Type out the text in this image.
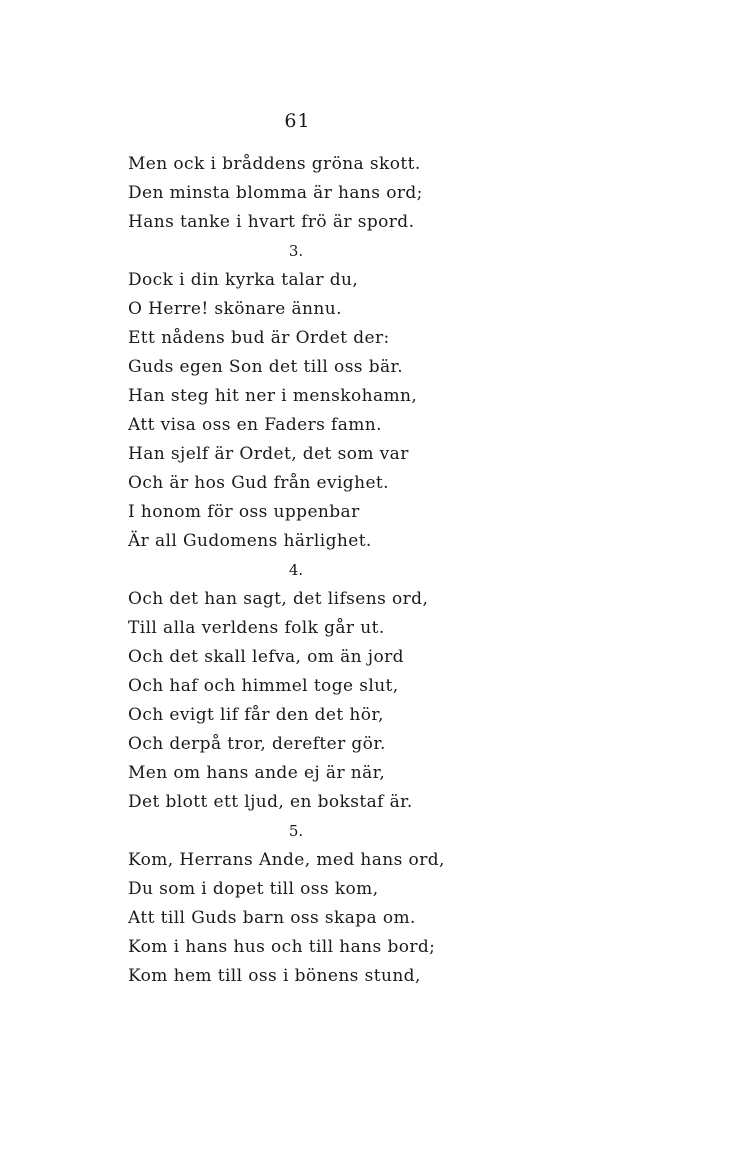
61
Men ock i bråddens gröna skott.
Den minsta blomma är hans ord;
Hans tanke i hvart frö är spord.
3.
Dock i din kyrka talar du,
O Herre! skönare ännu.
Ett nådens bud är Ordet der:
Guds egen Son det till oss bär.
Han steg hit ner i menskohamn,
Att visa oss en Faders famn.
Han sjelf är Ordet, det som var
Och är hos Gud från evighet.
I honom för oss uppenbar
Är all Gudomens härlighet.
4.
Och det han sagt, det lifsens ord,
Till alla verldens folk går ut.
Och det skall lefva, om än jord
Och haf och himmel toge slut,
Och evigt lif får den det hör,
Och derpå tror, derefter gör.
Men om hans ande ej är när,
Det blott ett ljud, en bokstaf är.
5.
Kom, Herrans Ande, med hans ord,
Du som i dopet till oss kom,
Att till Guds barn oss skapa om.
Kom i hans hus och till hans bord;
Kom hem till oss i bönens stund,
